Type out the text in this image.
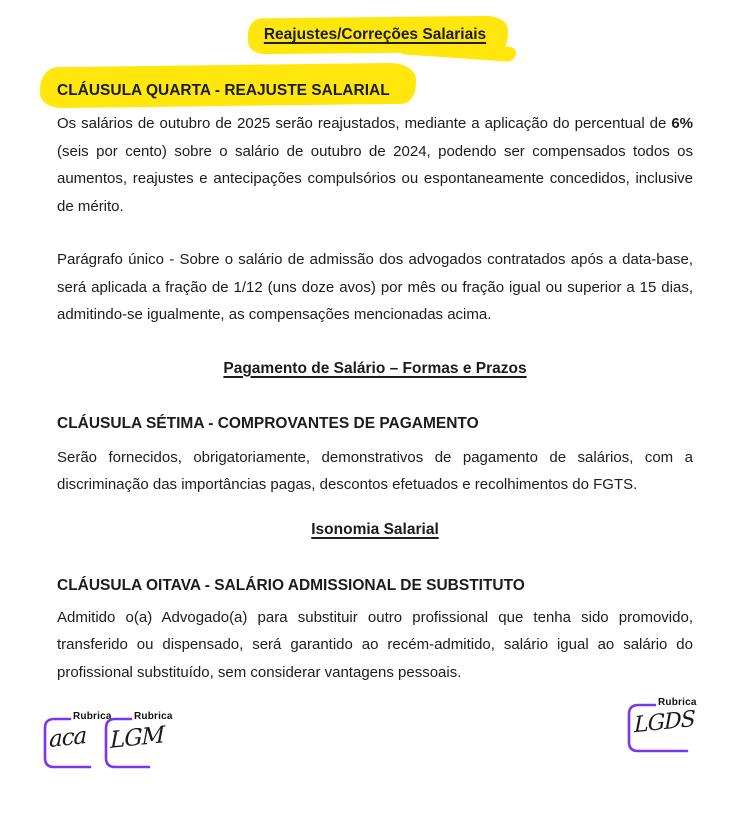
Reajustes/Correções Salariais
CLÁUSULA QUARTA - REAJUSTE SALARIAL

Os salários de outubro de 2025 serão reajustados, mediante a aplicação do percentual de 6% (seis por cento) sobre o salário de outubro de 2024, podendo ser compensados todos os aumentos, reajustes e antecipações compulsórios ou espontaneamente concedidos, inclusive de mérito.

Parágrafo único - Sobre o salário de admissão dos advogados contratados após a data-base, será aplicada a fração de 1/12 (uns doze avos) por mês ou fração igual ou superior a 15 dias, admitindo-se igualmente, as compensações mencionadas acima.

Pagamento de Salário – Formas e Prazos
CLÁUSULA SÉTIMA - COMPROVANTES DE PAGAMENTO

Serão fornecidos, obrigatoriamente, demonstrativos de pagamento de salários, com a discriminação das importâncias pagas, descontos efetuados e recolhimentos do FGTS.

Isonomia Salarial
CLÁUSULA OITAVA - SALÁRIO ADMISSIONAL DE SUBSTITUTO

Admitido o(a) Advogado(a) para substituir outro profissional que tenha sido promovido, transferido ou dispensado, será garantido ao recém-admitido, salário igual ao salário do profissional substituído, sem considerar vantagens pessoais.

Rubrica
aca
Rubrica
LGM
Rubrica
LGDS
